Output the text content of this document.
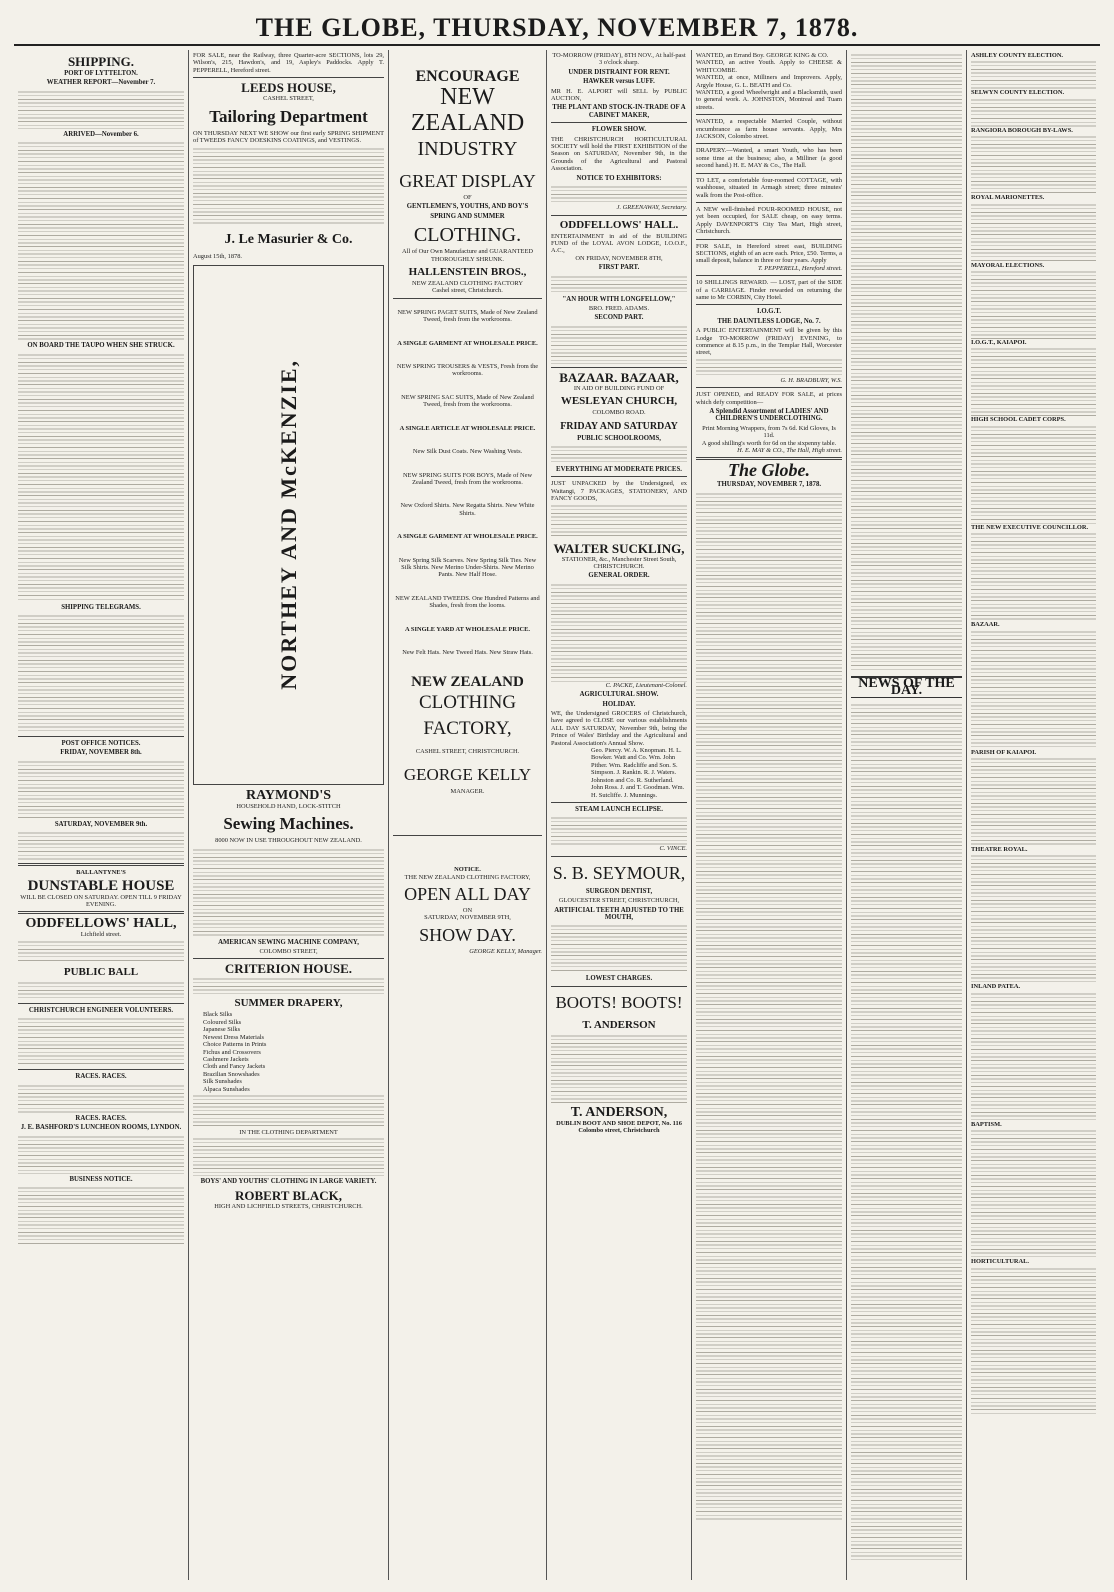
THE GLOBE, THURSDAY, NOVEMBER 7, 1878.
SHIPPING.
PORT OF LYTTELTON.
WEATHER REPORT—November 7.
ARRIVED—November 6.
ON BOARD THE TAUPO WHEN SHE STRUCK.
SHIPPING TELEGRAMS.
POST OFFICE NOTICES.
FRIDAY, NOVEMBER 8th.
SATURDAY, NOVEMBER 9th.
BALLANTYNE'S
DUNSTABLE HOUSE
WILL BE CLOSED ON SATURDAY. OPEN TILL 9 FRIDAY EVENING.
ODDFELLOWS' HALL,
Lichfield street.
PUBLIC BALL
CHRISTCHURCH ENGINEER VOLUNTEERS.
RACES. RACES.
RACES. RACES.
J. E. BASHFORD'S LUNCHEON ROOMS, LYNDON.
BUSINESS NOTICE.
FOR SALE, near the Railway, three Quarter-acre SECTIONS, lots 29, Wilson's, 215, Hawdon's, and 19, Aspley's Paddocks. Apply T. PEPPERELL, Hereford street.
LEEDS HOUSE,
CASHEL STREET,
Tailoring Department
ON THURSDAY NEXT WE SHOW our first early SPRING SHIPMENT of TWEEDS FANCY DOESKINS COATINGS, and VESTINGS.
J. Le Masurier & Co.
August 15th, 1878.
NORTHEY AND McKENZIE,
RAYMOND'S
HOUSEHOLD HAND, LOCK-STITCH
Sewing Machines.
8000 NOW IN USE THROUGHOUT NEW ZEALAND.
AMERICAN SEWING MACHINE COMPANY,
COLOMBO STREET,
CRITERION HOUSE.
SUMMER DRAPERY,
Black Silks
Coloured Silks
Japanese Silks
Newest Dress Materials
Choice Patterns in Prints
Fichus and Crossovers
Cashmere Jackets
Cloth and Fancy Jackets
Brazilian Snowshades
Silk Sunshades
Alpaca Sunshades
IN THE CLOTHING DEPARTMENT
BOYS' AND YOUTHS' CLOTHING IN LARGE VARIETY.
ROBERT BLACK,
HIGH AND LICHFIELD STREETS, CHRISTCHURCH.
ENCOURAGE
NEW ZEALAND
INDUSTRY
GREAT DISPLAY
OF
GENTLEMEN'S, YOUTHS, AND BOY'S
SPRING AND SUMMER
CLOTHING.
All of Our Own Manufacture and GUARANTEED THOROUGHLY SHRUNK.
HALLENSTEIN BROS.,
NEW ZEALAND CLOTHING FACTORY
Cashel street, Christchurch.
NEW SPRING PAGET SUITS, Made of New Zealand Tweed, fresh from the workrooms.
A SINGLE GARMENT AT WHOLESALE PRICE.
NEW SPRING TROUSERS & VESTS, Fresh from the workrooms.
NEW SPRING SAC SUITS, Made of New Zealand Tweed, fresh from the workrooms.
A SINGLE ARTICLE AT WHOLESALE PRICE.
New Silk Dust Coats. New Washing Vests.
NEW SPRING SUITS FOR BOYS, Made of New Zealand Tweed, fresh from the workrooms.
New Oxford Shirts. New Regatta Shirts. New White Shirts.
A SINGLE GARMENT AT WHOLESALE PRICE.
New Spring Silk Scarves. New Spring Silk Ties. New Silk Shirts. New Merino Under-Shirts. New Merino Pants. New Half Hose.
NEW ZEALAND TWEEDS. One Hundred Patterns and Shades, fresh from the looms.
A SINGLE YARD AT WHOLESALE PRICE.
New Felt Hats. New Tweed Hats. New Straw Hats.
NEW ZEALAND
CLOTHING FACTORY,
CASHEL STREET, CHRISTCHURCH.
GEORGE KELLY
MANAGER.
NOTICE.
THE NEW ZEALAND CLOTHING FACTORY,
OPEN ALL DAY
ON
SATURDAY, NOVEMBER 9TH,
SHOW DAY.
GEORGE KELLY, Manager.
TO-MORROW (FRIDAY), 8TH NOV., At half-past 3 o'clock sharp.
UNDER DISTRAINT FOR RENT.
HAWKER versus LUFF.
MR H. E. ALPORT will SELL by PUBLIC AUCTION,
THE PLANT AND STOCK-IN-TRADE OF A CABINET MAKER,
FLOWER SHOW.
THE CHRISTCHURCH HORTICULTURAL SOCIETY will hold the FIRST EXHIBITION of the Season on SATURDAY, November 9th, in the Grounds of the Agricultural and Pastoral Association.
NOTICE TO EXHIBITORS:
J. GREENAWAY, Secretary.
ODDFELLOWS' HALL.
ENTERTAINMENT in aid of the BUILDING FUND of the LOYAL AVON LODGE, I.O.O.F., A.C.,
ON FRIDAY, NOVEMBER 8TH,
FIRST PART.
"AN HOUR WITH LONGFELLOW,"
BRO. FRED. ADAMS.
SECOND PART.
BAZAAR. BAZAAR,
IN AID OF BUILDING FUND OF
WESLEYAN CHURCH,
COLOMBO ROAD.
FRIDAY AND SATURDAY
PUBLIC SCHOOLROOMS,
EVERYTHING AT MODERATE PRICES.
JUST UNPACKED by the Undersigned, ex Waitangi, 7 PACKAGES, STATIONERY, AND FANCY GOODS,
WALTER SUCKLING,
STATIONER, &c., Manchester Street South, CHRISTCHURCH.
GENERAL ORDER.
C. PACKE, Lieutenant-Colonel.
AGRICULTURAL SHOW.
HOLIDAY.
WE, the Undersigned GROCERS of Christchurch, have agreed to CLOSE our various establishments ALL DAY SATURDAY, November 9th, being the Prince of Wales' Birthday and the Agricultural and Pastoral Association's Annual Show.
Geo. Piercy. W. A. Knopman. H. L. Bowker. Watt and Co. Wm. John Pither. Wm. Radcliffe and Son. S. Simpson. J. Rankin. R. J. Waters. Johnston and Co. R. Sutherland. John Ross. J. and T. Goodman. Wm. H. Sutcliffe. J. Munnings.
STEAM LAUNCH ECLIPSE.
C. VINCE.
S. B. SEYMOUR,
SURGEON DENTIST,
GLOUCESTER STREET, CHRISTCHURCH,
ARTIFICIAL TEETH ADJUSTED TO THE MOUTH,
LOWEST CHARGES.
BOOTS! BOOTS!
T. ANDERSON
T. ANDERSON,
DUBLIN BOOT AND SHOE DEPOT, No. 116 Colombo street, Christchurch
WANTED, an Errand Boy. GEORGE KING & CO.
WANTED, an active Youth. Apply to CHEESE & WHITCOMBE.
WANTED, at once, Milliners and Improvers. Apply, Argyle House, G. L. BEATH and Co.
WANTED, a good Wheelwright and a Blacksmith, used to general work. A. JOHNSTON, Montreal and Tuam streets.
WANTED, a respectable Married Couple, without encumbrance as farm house servants. Apply, Mrs JACKSON, Colombo street.
DRAPERY.—Wanted, a smart Youth, who has been some time at the business; also, a Milliner (a good second hand.) H. E. MAY & Co., The Hall.
TO LET, a comfortable four-roomed COTTAGE, with washhouse, situated in Armagh street; three minutes' walk from the Post-office.
A NEW well-finished FOUR-ROOMED HOUSE, not yet been occupied, for SALE cheap, on easy terms. Apply DAVENPORT'S City Tea Mart, High street, Christchurch.
FOR SALE, in Hereford street east, BUILDING SECTIONS, eighth of an acre each. Price, £50. Terms, a small deposit, balance in three or four years. Apply
T. PEPPERELL, Hereford street.
10 SHILLINGS REWARD. — LOST, part of the SIDE of a CARRIAGE. Finder rewarded on returning the same to Mr CORBIN, City Hotel.
I.O.G.T.
THE DAUNTLESS LODGE, No. 7.
A PUBLIC ENTERTAINMENT will be given by this Lodge TO-MORROW (FRIDAY) EVENING, to commence at 8.15 p.m., in the Templar Hall, Worcester street,
G. H. BRADBURY, W.S.
JUST OPENED, and READY FOR SALE, at prices which defy competition—
A Splendid Assortment of LADIES' AND CHILDREN'S UNDERCLOTHING.
Print Morning Wrappers, from 7s 6d. Kid Gloves, Is 11d.
A good shilling's worth for 6d on the sixpenny table.
H. E. MAY & CO., The Hall, High street.
The Globe.
THURSDAY, NOVEMBER 7, 1878.
NEWS OF THE DAY.
ASHLEY COUNTY ELECTION.
SELWYN COUNTY ELECTION.
RANGIORA BOROUGH BY-LAWS.
ROYAL MARIONETTES.
MAYORAL ELECTIONS.
I.O.G.T., KAIAPOI.
HIGH SCHOOL CADET CORPS.
THE NEW EXECUTIVE COUNCILLOR.
BAZAAR.
PARISH OF KAIAPOI.
THEATRE ROYAL.
INLAND PATEA.
BAPTISM.
HORTICULTURAL.
